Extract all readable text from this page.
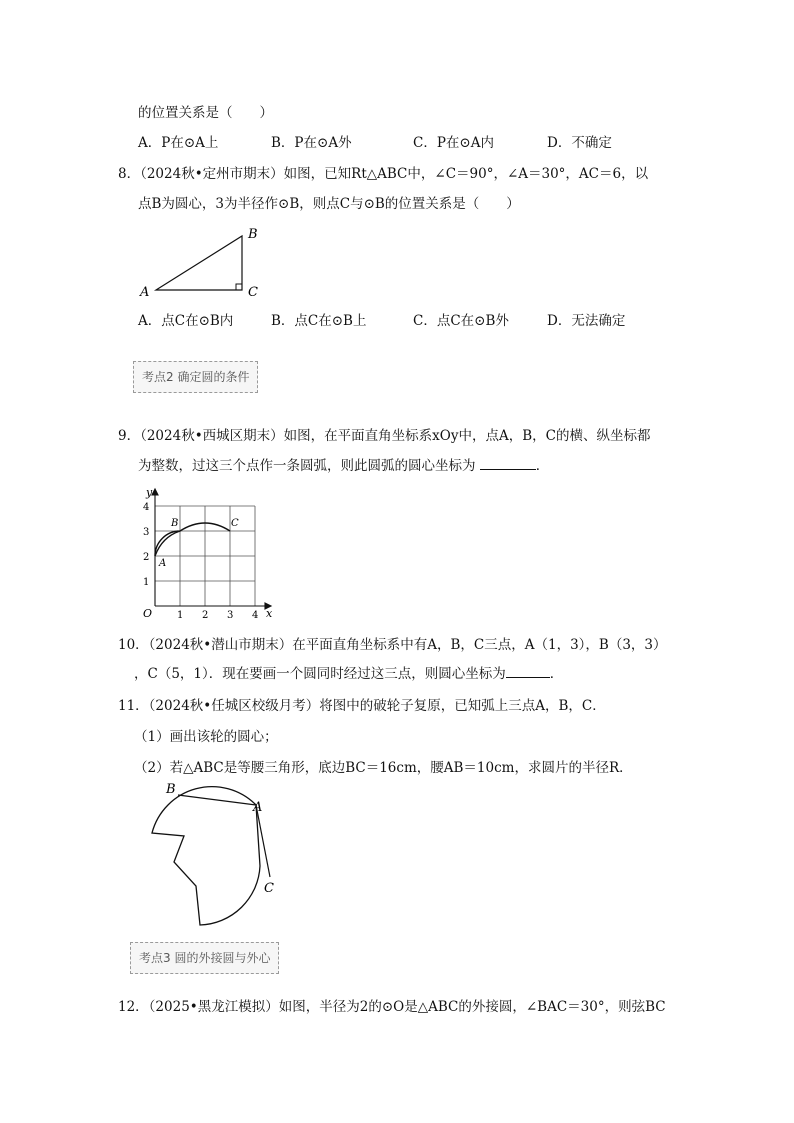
的位置关系是（　　）
A．P在⊙A上	B．P在⊙A外	C．P在⊙A内	D．不确定
8．（2024秋•定州市期末）如图，已知Rt△ABC中，∠C＝90°，∠A＝30°，AC＝6，以
点B为圆心，3为半径作⊙B，则点C与⊙B的位置关系是（　　）
A
B
C
A．点C在⊙B内	B．点C在⊙B上	C．点C在⊙B外	D．无法确定
考点2 确定圆的条件
9．（2024秋•西城区期末）如图，在平面直角坐标系xOy中，点A，B，C的横、纵坐标都
为整数，过这三个点作一条圆弧，则此圆弧的圆心坐标为	．
y
x
O 1 2 3 4
1
2
3
4
A
B	C
10．（2024秋•潜山市期末）在平面直角坐标系中有A，B，C三点，A（1，3），B（3，3）
，C（5，1）．现在要画一个圆同时经过这三点，则圆心坐标为	．
11．（2024秋•任城区校级月考）将图中的破轮子复原，已知弧上三点A，B，C．
（1）画出该轮的圆心；
（2）若△ABC是等腰三角形，底边BC＝16cm，腰AB＝10cm，求圆片的半径R．
B
A
C
考点3 圆的外接圆与外心
12．（2025•黑龙江模拟）如图，半径为2的⊙O是△ABC的外接圆，∠BAC＝30°，则弦BC
